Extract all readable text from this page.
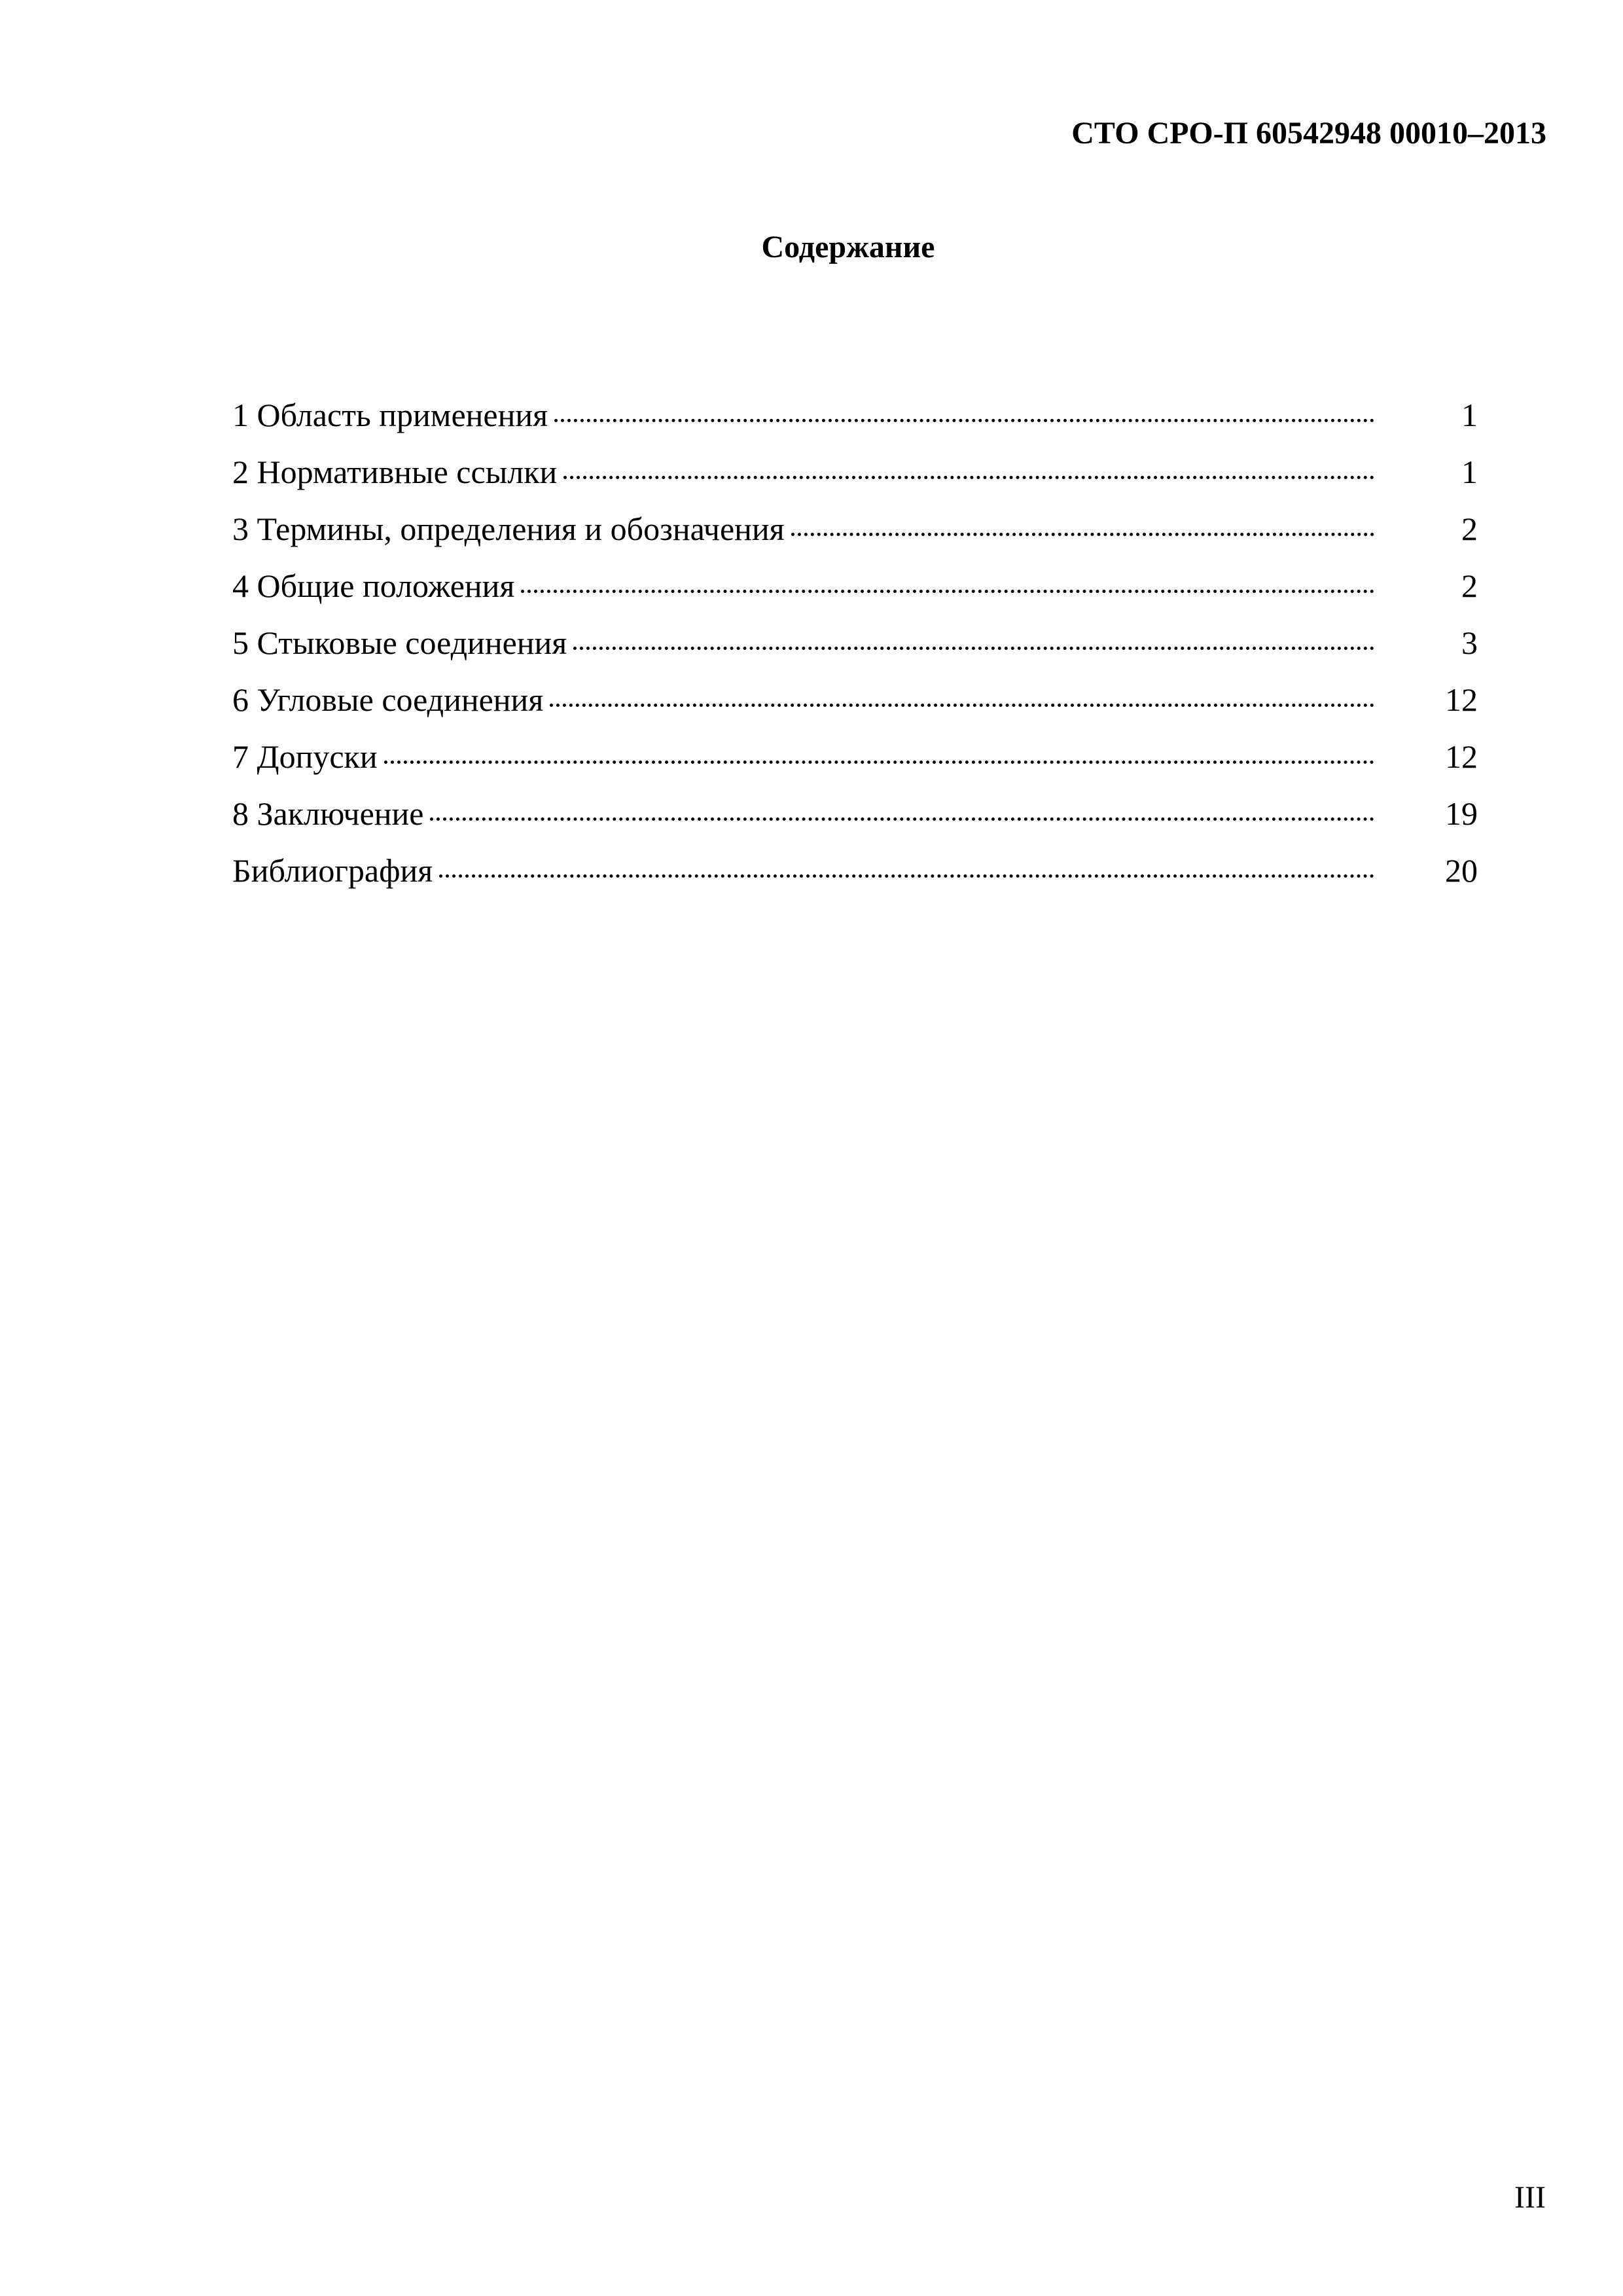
СТО СРО-П 60542948 00010–2013
Содержание
1 Область применения	1
2 Нормативные ссылки	1
3 Термины, определения и обозначения	2
4 Общие положения	2
5 Стыковые соединения	3
6 Угловые соединения	12
7 Допуски	12
8 Заключение	19
Библиография	20
III
